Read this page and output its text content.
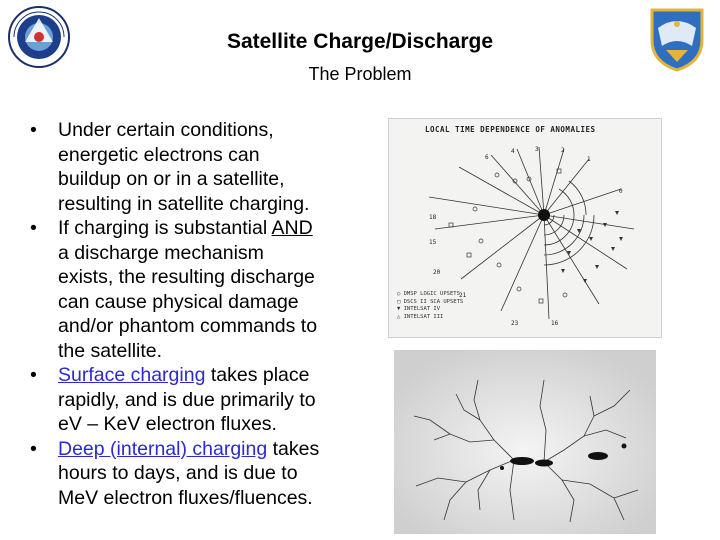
Satellite Charge/Discharge
The Problem
• Under certain conditions,
energetic electrons can
buildup on or in a satellite,
resulting in satellite charging.
• If charging is substantial AND
a discharge mechanism
exists, the resulting discharge
can cause physical damage
and/or phantom commands to
the satellite.
• Surface charging takes place
rapidly, and is due primarily to
eV – KeV electron fluxes.
• Deep (internal) charging takes
hours to days, and is due to
MeV electron fluxes/fluences.
LOCAL TIME DEPENDENCE OF ANOMALIES
6
4	3	2
1
0
18
15
20
23
21
16
○ DMSP LOGIC UPSETS
□ DSCS II SCA UPSETS
▼ INTELSAT IV
△ INTELSAT III
